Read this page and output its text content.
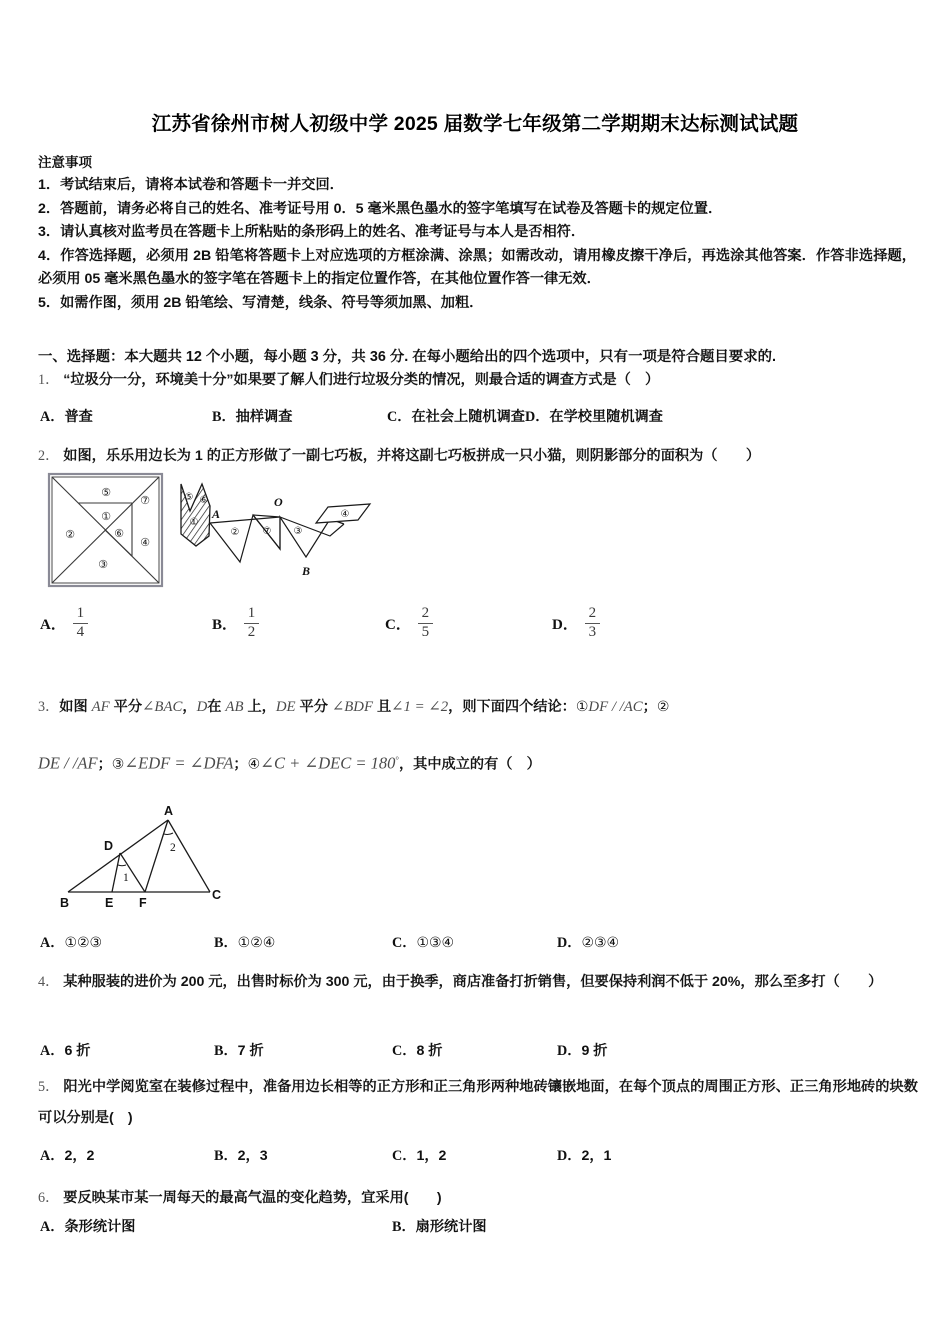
江苏省徐州市树人初级中学 2025 届数学七年级第二学期期末达标测试试题
注意事项
1．考试结束后，请将本试卷和答题卡一并交回．
2．答题前，请务必将自己的姓名、准考证号用 0．5 毫米黑色墨水的签字笔填写在试卷及答题卡的规定位置．
3．请认真核对监考员在答题卡上所粘贴的条形码上的姓名、准考证号与本人是否相符．
4．作答选择题，必须用 2B 铅笔将答题卡上对应选项的方框涂满、涂黑；如需改动，请用橡皮擦干净后，再选涂其他答案．作答非选择题，必须用 05 毫米黑色墨水的签字笔在答题卡上的指定位置作答，在其他位置作答一律无效．
5．如需作图，须用 2B 铅笔绘、写清楚，线条、符号等须加黑、加粗．
一、选择题：本大题共 12 个小题，每小题 3 分，共 36 分. 在每小题给出的四个选项中，只有一项是符合题目要求的.
1． “垃圾分一分，环境美十分”如果要了解人们进行垃圾分类的情况，则最合适的调查方式是（　）
A．普查	B．抽样调查	C．在社会上随机调查D．在学校里随机调查
2． 如图，乐乐用边长为 1 的正方形做了一副七巧板，并将这副七巧板拼成一只小猫，则阴影部分的面积为（　　）
⑤
①
⑦
②	⑥
④
③
⑤ ⑥
①
② ⑦ ③
④
A
O
B
A． $\frac{1}{4}$	B． $\frac{1}{2}$	C． $\frac{2}{5}$	D． $\frac{2}{3}$
3．如图 AF 平分∠BAC，D在 AB 上，DE 平分 ∠BDF 且∠1 = ∠2，则下面四个结论：①DF / /AC；②
DE / /AF；③∠EDF = ∠DFA；④∠C + ∠DEC = 180°，其中成立的有（　）
A
D
B	E F
C
1
2
A．①②③	B．①②④	C．①③④	D．②③④
4． 某种服装的进价为 200 元，出售时标价为 300 元，由于换季，商店准备打折销售，但要保持利润不低于 20%，那么至多打（　　）
A．6 折	B．7 折	C．8 折	D．9 折
5． 阳光中学阅览室在装修过程中，准备用边长相等的正方形和正三角形两种地砖镶嵌地面，在每个顶点的周围正方形、正三角形地砖的块数可以分别是(　)
A．2，2	B．2，3	C．1，2	D．2，1
6． 要反映某市某一周每天的最高气温的变化趋势，宜采用(　　)
A．条形统计图	B．扇形统计图
